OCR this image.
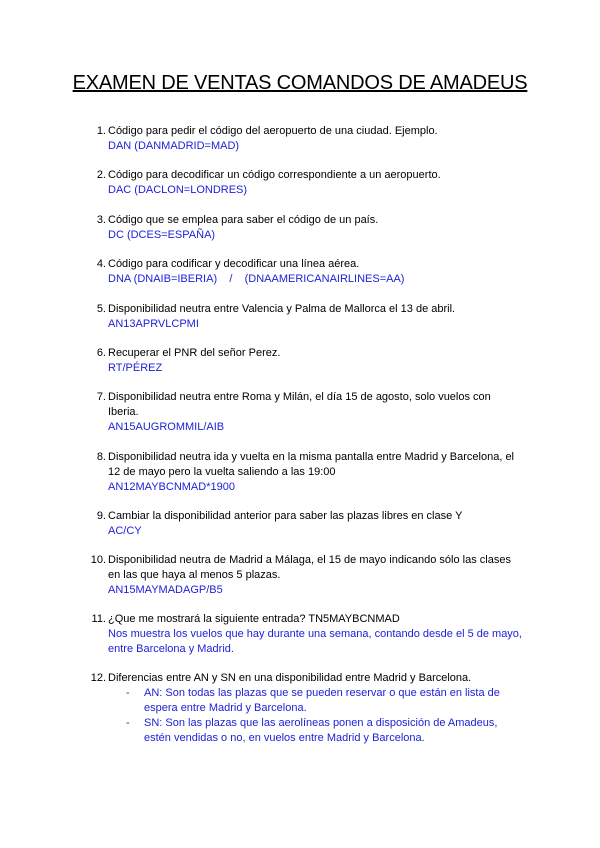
EXAMEN DE VENTAS COMANDOS DE AMADEUS
1. Código para pedir el código del aeropuerto de una ciudad. Ejemplo.
DAN (DANMADRID=MAD)
2. Código para decodificar un código correspondiente a un aeropuerto.
DAC (DACLON=LONDRES)
3. Código que se emplea para saber el código de un país.
DC (DCES=ESPAÑA)
4. Código para codificar y decodificar una línea aérea.
DNA (DNAIB=IBERIA)    /    (DNAAMERICANAIRLINES=AA)
5. Disponibilidad neutra entre Valencia y Palma de Mallorca el 13 de abril.
AN13APRVLCPMI
6. Recuperar el PNR del señor Perez.
RT/PÉREZ
7. Disponibilidad neutra entre Roma y Milán, el día 15 de agosto, solo vuelos con Iberia.
AN15AUGROMMIL/AIB
8. Disponibilidad neutra ida y vuelta en la misma pantalla entre Madrid y Barcelona, el 12 de mayo pero la vuelta saliendo a las 19:00
AN12MAYBCNMAD*1900
9. Cambiar la disponibilidad anterior para saber las plazas libres en clase Y
AC/CY
10. Disponibilidad neutra de Madrid a Málaga, el 15 de mayo indicando sólo las clases en las que haya al menos 5 plazas.
AN15MAYMADAGP/B5
11. ¿Que me mostrará la siguiente entrada? TN5MAYBCNMAD
Nos muestra los vuelos que hay durante una semana, contando desde el 5 de mayo, entre Barcelona y Madrid.
12. Diferencias entre AN y SN en una disponibilidad entre Madrid y Barcelona.
- AN: Son todas las plazas que se pueden reservar o que están en lista de espera entre Madrid y Barcelona.
- SN: Son las plazas que las aerolíneas ponen a disposición de Amadeus, estén vendidas o no, en vuelos entre Madrid y Barcelona.
